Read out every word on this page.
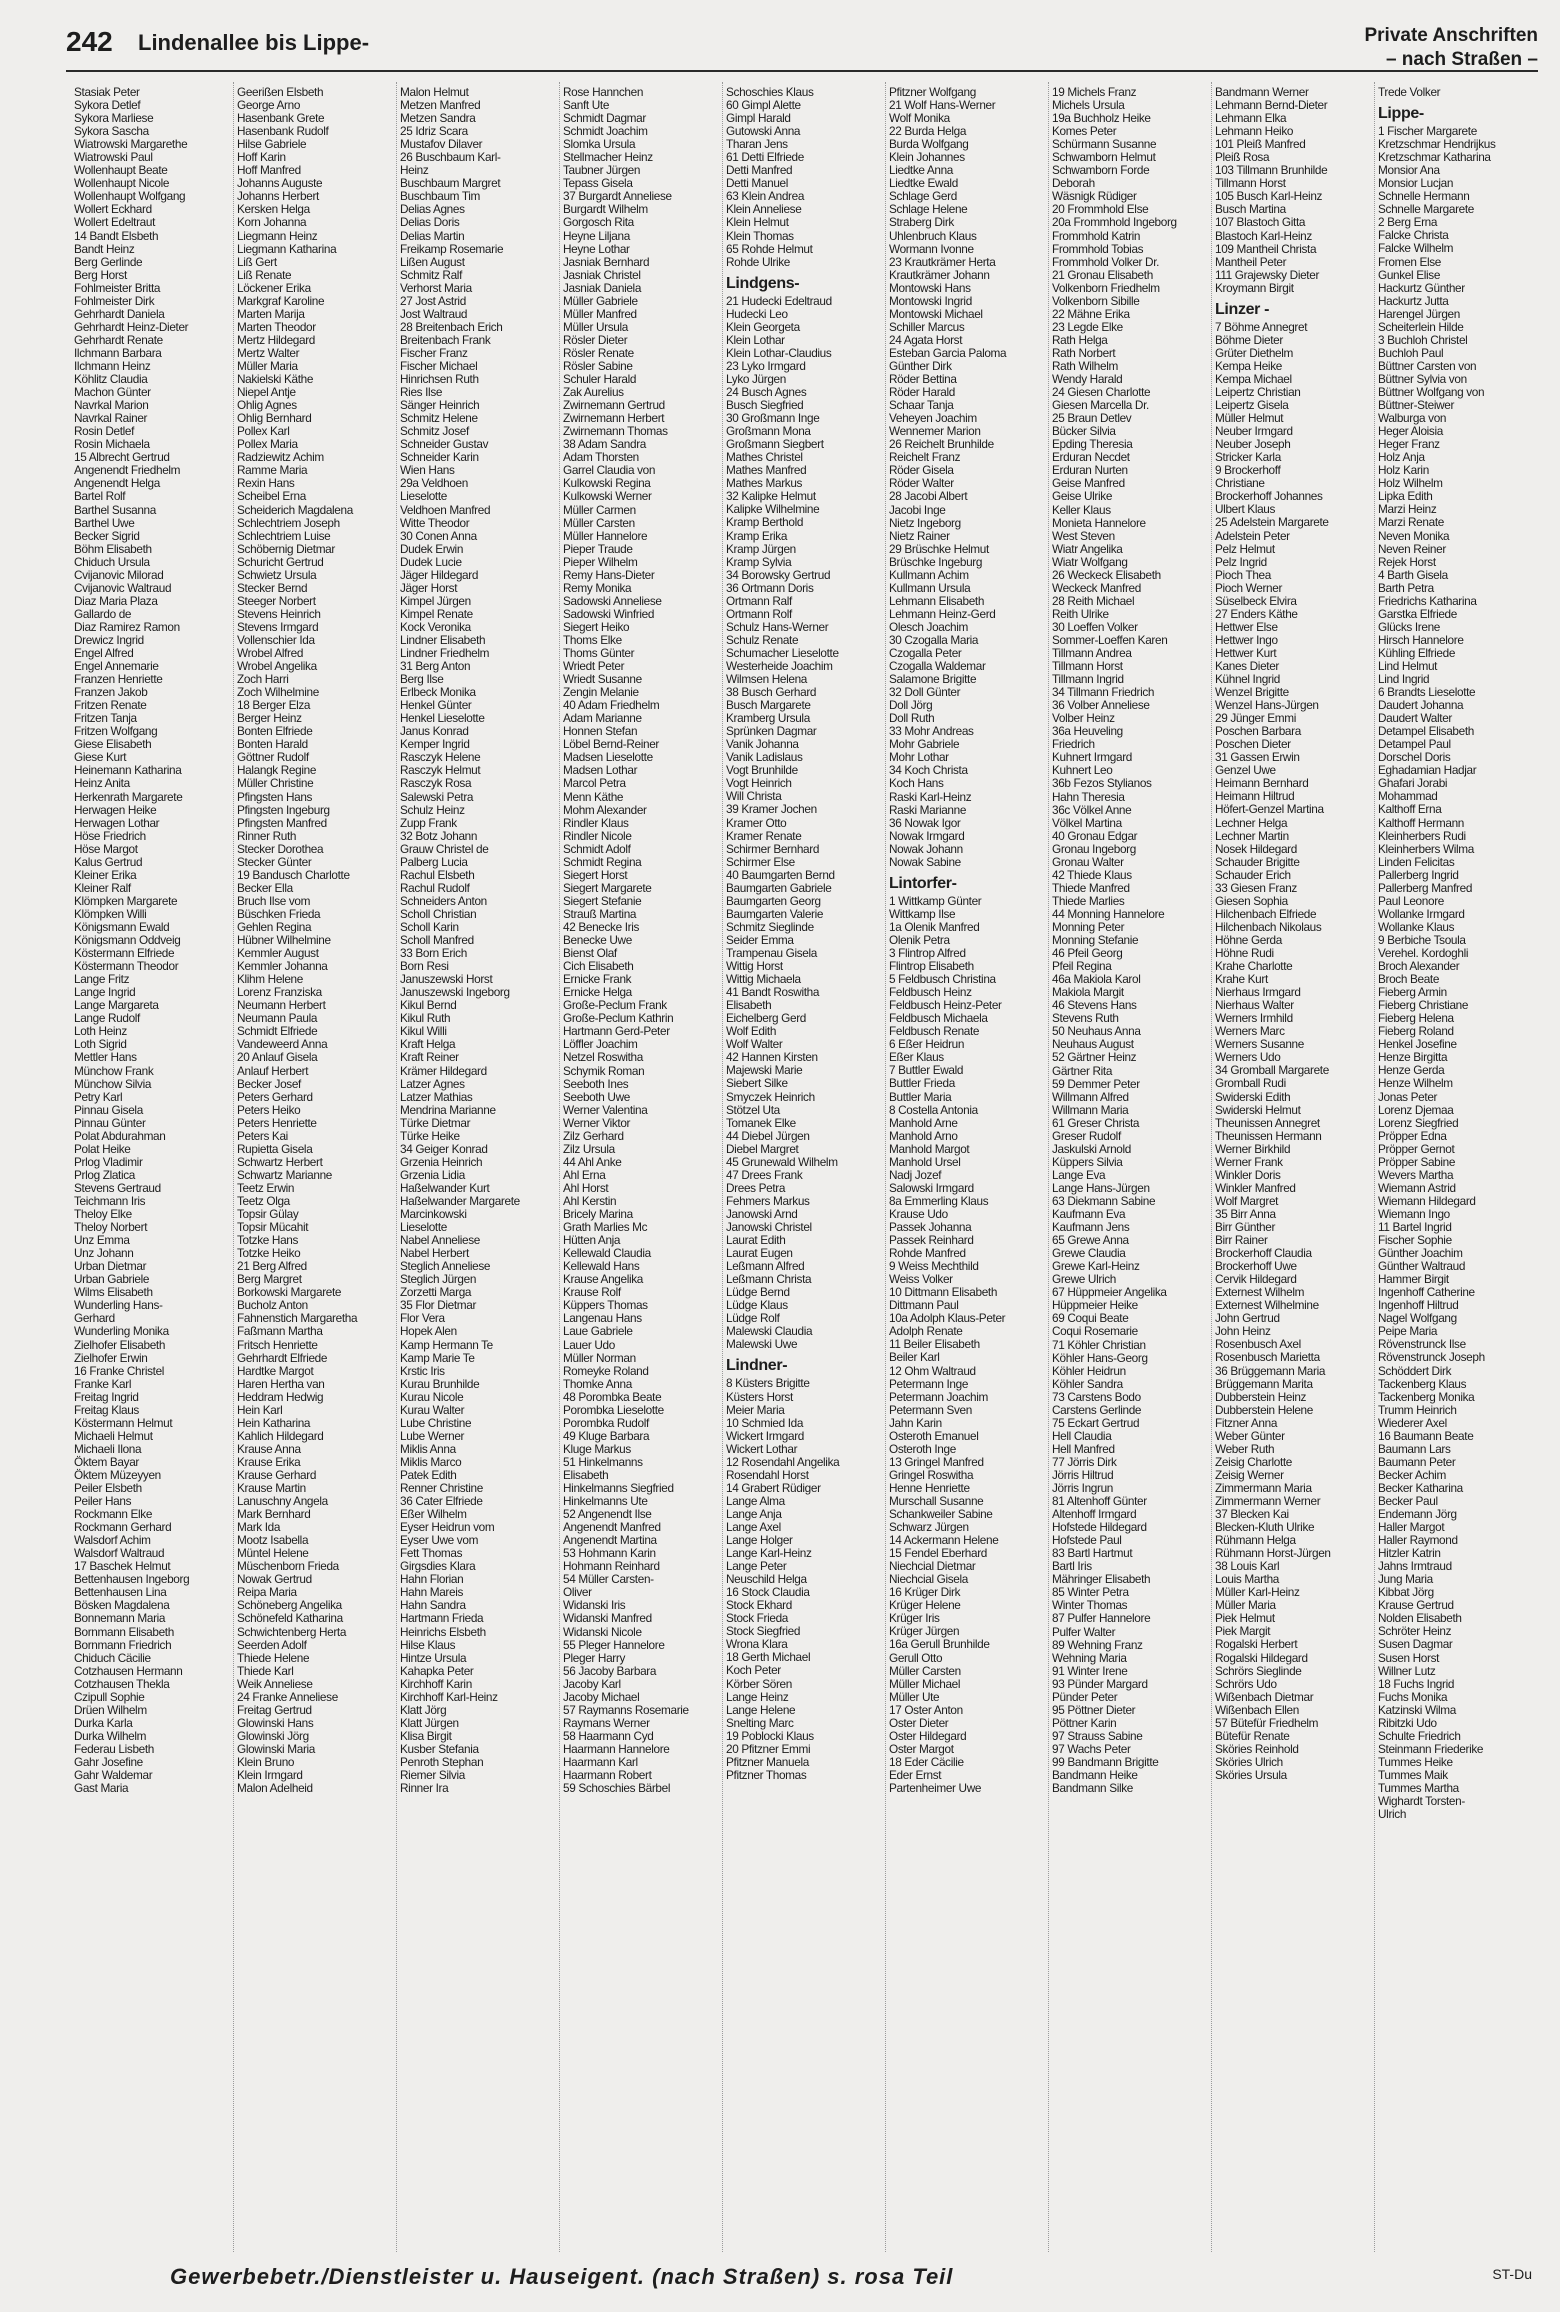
242 Lindenallee bis Lippe-	Private Anschriften
– nach Straßen –
Stasiak Peter
Sykora Detlef
Sykora Marliese
Sykora Sascha
Wiatrowski Margarethe
Wiatrowski Paul
Wollenhaupt Beate
Wollenhaupt Nicole
Wollenhaupt Wolfgang
Wollert Eckhard
Wollert Edeltraut
14 Bandt Elsbeth
Bandt Heinz
Berg Gerlinde
Berg Horst
Fohlmeister Britta
Fohlmeister Dirk
Gehrhardt Daniela
Gehrhardt Heinz-Dieter
Gehrhardt Renate
Ilchmann Barbara
Ilchmann Heinz
Köhlitz Claudia
Machon Günter
Navrkal Marion
Navrkal Rainer
Rosin Detlef
Rosin Michaela
15 Albrecht Gertrud
Angenendt Friedhelm
Angenendt Helga
Bartel Rolf
Barthel Susanna
Barthel Uwe
Becker Sigrid
Böhm Elisabeth
Chiduch Ursula
Cvijanovic Milorad
Cvijanovic Waltraud
Diaz Maria Plaza
Gallardo de
Diaz Ramirez Ramon
Drewicz Ingrid
Engel Alfred
Engel Annemarie
Franzen Henriette
Franzen Jakob
Fritzen Renate
Fritzen Tanja
Fritzen Wolfgang
Giese Elisabeth
Giese Kurt
Heinemann Katharina
Heinz Anita
Herkenrath Margarete
Herwagen Heike
Herwagen Lothar
Höse Friedrich
Höse Margot
Kalus Gertrud
Kleiner Erika
Kleiner Ralf
Klömpken Margarete
Klömpken Willi
Königsmann Ewald
Königsmann Oddveig
Köstermann Elfriede
Köstermann Theodor
Lange Fritz
Lange Ingrid
Lange Margareta
Lange Rudolf
Loth Heinz
Loth Sigrid
Mettler Hans
Münchow Frank
Münchow Silvia
Petry Karl
Pinnau Gisela
Pinnau Günter
Polat Abdurahman
Polat Heike
Prlog Vladimir
Prlog Zlatica
Stevens Gertraud
Teichmann Iris
Theloy Elke
Theloy Norbert
Unz Emma
Unz Johann
Urban Dietmar
Urban Gabriele
Wilms Elisabeth
Wunderling Hans-
Gerhard
Wunderling Monika
Zielhofer Elisabeth
Zielhofer Erwin
16 Franke Christel
Franke Karl
Freitag Ingrid
Freitag Klaus
Köstermann Helmut
Michaeli Helmut
Michaeli Ilona
Öktem Bayar
Öktem Müzeyyen
Peiler Elsbeth
Peiler Hans
Rockmann Elke
Rockmann Gerhard
Walsdorf Achim
Walsdorf Waltraud
17 Baschek Helmut
Bettenhausen Ingeborg
Bettenhausen Lina
Bösken Magdalena
Bonnemann Maria
Bornmann Elisabeth
Bornmann Friedrich
Chiduch Cäcilie
Cotzhausen Hermann
Cotzhausen Thekla
Czipull Sophie
Drüen Wilhelm
Durka Karla
Durka Wilhelm
Federau Lisbeth
Gahr Josefine
Gahr Waldemar
Gast Maria
Geerißen Elsbeth
George Arno
Hasenbank Grete
Hasenbank Rudolf
Hilse Gabriele
Hoff Karin
Hoff Manfred
Johanns Auguste
Johanns Herbert
Kersken Helga
Korn Johanna
Liegmann Heinz
Liegmann Katharina
Liß Gert
Liß Renate
Löckener Erika
Markgraf Karoline
Marten Marija
Marten Theodor
Mertz Hildegard
Mertz Walter
Müller Maria
Nakielski Käthe
Niepel Antje
Ohlig Agnes
Ohlig Bernhard
Pollex Karl
Pollex Maria
Radziewitz Achim
Ramme Maria
Rexin Hans
Scheibel Erna
Scheiderich Magdalena
Schlechtriem Joseph
Schlechtriem Luise
Schöbernig Dietmar
Schuricht Gertrud
Schwietz Ursula
Stecker Bernd
Steeger Norbert
Stevens Heinrich
Stevens Irmgard
Vollenschier Ida
Wrobel Alfred
Wrobel Angelika
Zoch Harri
Zoch Wilhelmine
18 Berger Elza
Berger Heinz
Bonten Elfriede
Bonten Harald
Göttner Rudolf
Halangk Regine
Müller Christine
Pfingsten Hans
Pfingsten Ingeburg
Pfingsten Manfred
Rinner Ruth
Stecker Dorothea
Stecker Günter
19 Bandusch Charlotte
Becker Ella
Bruch Ilse vom
Büschken Frieda
Gehlen Regina
Hübner Wilhelmine
Kemmler August
Kemmler Johanna
Klihm Helene
Lorenz Franziska
Neumann Herbert
Neumann Paula
Schmidt Elfriede
Vandeweerd Anna
20 Anlauf Gisela
Anlauf Herbert
Becker Josef
Peters Gerhard
Peters Heiko
Peters Henriette
Peters Kai
Rupietta Gisela
Schwartz Herbert
Schwartz Marianne
Teetz Erwin
Teetz Olga
Topsir Gülay
Topsir Mücahit
Totzke Hans
Totzke Heiko
21 Berg Alfred
Berg Margret
Borkowski Margarete
Bucholz Anton
Fahnenstich Margaretha
Faßmann Martha
Fritsch Henriette
Gehrhardt Elfriede
Hardtke Margot
Haren Hertha van
Heddram Hedwig
Hein Karl
Hein Katharina
Kahlich Hildegard
Krause Anna
Krause Erika
Krause Gerhard
Krause Martin
Lanuschny Angela
Mark Bernhard
Mark Ida
Mootz Isabella
Müntel Helene
Müschenborn Frieda
Nowak Gertrud
Reipa Maria
Schöneberg Angelika
Schönefeld Katharina
Schwichtenberg Herta
Seerden Adolf
Thiede Helene
Thiede Karl
Weik Anneliese
24 Franke Anneliese
Freitag Gertrud
Glowinski Hans
Glowinski Jörg
Glowinski Maria
Klein Bruno
Klein Irmgard
Malon Adelheid
Malon Helmut
Metzen Manfred
Metzen Sandra
25 Idriz Scara
Mustafov Dilaver
26 Buschbaum Karl-
Heinz
Buschbaum Margret
Buschbaum Tim
Delias Agnes
Delias Doris
Delias Martin
Freikamp Rosemarie
Lißen August
Schmitz Ralf
Verhorst Maria
27 Jost Astrid
Jost Waltraud
28 Breitenbach Erich
Breitenbach Frank
Fischer Franz
Fischer Michael
Hinrichsen Ruth
Ries Ilse
Sänger Heinrich
Schmitz Helene
Schmitz Josef
Schneider Gustav
Schneider Karin
Wien Hans
29a Veldhoen
Lieselotte
Veldhoen Manfred
Witte Theodor
30 Conen Anna
Dudek Erwin
Dudek Lucie
Jäger Hildegard
Jäger Horst
Kimpel Jürgen
Kimpel Renate
Kock Veronika
Lindner Elisabeth
Lindner Friedhelm
31 Berg Anton
Berg Ilse
Erlbeck Monika
Henkel Günter
Henkel Lieselotte
Janus Konrad
Kemper Ingrid
Rasczyk Helene
Rasczyk Helmut
Rasczyk Rosa
Salewski Petra
Schulz Heinz
Zupp Frank
32 Botz Johann
Grauw Christel de
Palberg Lucia
Rachul Elsbeth
Rachul Rudolf
Schneiders Anton
Scholl Christian
Scholl Karin
Scholl Manfred
33 Born Erich
Born Resi
Januszewski Horst
Januszewski Ingeborg
Kikul Bernd
Kikul Ruth
Kikul Willi
Kraft Helga
Kraft Reiner
Krämer Hildegard
Latzer Agnes
Latzer Mathias
Mendrina Marianne
Türke Dietmar
Türke Heike
34 Geiger Konrad
Grzenia Heinrich
Grzenia Lidia
Haßelwander Kurt
Haßelwander Margarete
Marcinkowski
Lieselotte
Nabel Anneliese
Nabel Herbert
Steglich Anneliese
Steglich Jürgen
Zorzetti Marga
35 Flor Dietmar
Flor Vera
Hopek Alen
Kamp Hermann Te
Kamp Marie Te
Krstic Iris
Kurau Brunhilde
Kurau Nicole
Kurau Walter
Lube Christine
Lube Werner
Miklis Anna
Miklis Marco
Patek Edith
Renner Christine
36 Cater Elfriede
Eßer Wilhelm
Eyser Heidrun vom
Eyser Uwe vom
Fett Thomas
Girgsdies Klara
Hahn Florian
Hahn Mareis
Hahn Sandra
Hartmann Frieda
Heinrichs Elsbeth
Hilse Klaus
Hintze Ursula
Kahapka Peter
Kirchhoff Karin
Kirchhoff Karl-Heinz
Klatt Jörg
Klatt Jürgen
Klisa Birgit
Kusber Stefania
Penroth Stephan
Riemer Silvia
Rinner Ira
Rose Hannchen
Sanft Ute
Schmidt Dagmar
Schmidt Joachim
Slomka Ursula
Stellmacher Heinz
Taubner Jürgen
Tepass Gisela
37 Burgardt Anneliese
Burgardt Wilhelm
Gorgosch Rita
Heyne Liljana
Heyne Lothar
Jasniak Bernhard
Jasniak Christel
Jasniak Daniela
Müller Gabriele
Müller Manfred
Müller Ursula
Rösler Dieter
Rösler Renate
Rösler Sabine
Schuler Harald
Zak Aurelius
Zwirnemann Gertrud
Zwirnemann Herbert
Zwirnemann Thomas
38 Adam Sandra
Adam Thorsten
Garrel Claudia von
Kulkowski Regina
Kulkowski Werner
Müller Carmen
Müller Carsten
Müller Hannelore
Pieper Traude
Pieper Wilhelm
Remy Hans-Dieter
Remy Monika
Sadowski Anneliese
Sadowski Winfried
Siegert Heiko
Thoms Elke
Thoms Günter
Wriedt Peter
Wriedt Susanne
Zengin Melanie
40 Adam Friedhelm
Adam Marianne
Honnen Stefan
Löbel Bernd-Reiner
Madsen Lieselotte
Madsen Lothar
Marcol Petra
Menn Käthe
Mohm Alexander
Rindler Klaus
Rindler Nicole
Schmidt Adolf
Schmidt Regina
Siegert Horst
Siegert Margarete
Siegert Stefanie
Strauß Martina
42 Benecke Iris
Benecke Uwe
Bienst Olaf
Cich Elisabeth
Ernicke Frank
Ernicke Helga
Große-Peclum Frank
Große-Peclum Kathrin
Hartmann Gerd-Peter
Löffler Joachim
Netzel Roswitha
Schymik Roman
Seeboth Ines
Seeboth Uwe
Werner Valentina
Werner Viktor
Zilz Gerhard
Zilz Ursula
44 Ahl Anke
Ahl Erna
Ahl Horst
Ahl Kerstin
Bricely Marina
Grath Marlies Mc
Hütten Anja
Kellewald Claudia
Kellewald Hans
Krause Angelika
Krause Rolf
Küppers Thomas
Langenau Hans
Laue Gabriele
Lauer Udo
Müller Norman
Romeyke Roland
Thomke Anna
48 Porombka Beate
Porombka Lieselotte
Porombka Rudolf
49 Kluge Barbara
Kluge Markus
51 Hinkelmanns
Elisabeth
Hinkelmanns Siegfried
Hinkelmanns Ute
52 Angenendt Ilse
Angenendt Manfred
Angenendt Martina
53 Hohmann Karin
Hohmann Reinhard
54 Müller Carsten-
Oliver
Widanski Iris
Widanski Manfred
Widanski Nicole
55 Pleger Hannelore
Pleger Harry
56 Jacoby Barbara
Jacoby Karl
Jacoby Michael
57 Raymanns Rosemarie
Raymans Werner
58 Haarmann Cyd
Haarmann Hannelore
Haarmann Karl
Haarmann Robert
59 Schoschies Bärbel
Schoschies Klaus
60 Gimpl Alette
Gimpl Harald
Gutowski Anna
Tharan Jens
61 Detti Elfriede
Detti Manfred
Detti Manuel
63 Klein Andrea
Klein Anneliese
Klein Helmut
Klein Thomas
65 Rohde Helmut
Rohde Ulrike
Lindgens-
21 Hudecki Edeltraud
Hudecki Leo
Klein Georgeta
Klein Lothar
Klein Lothar-Claudius
23 Lyko Irmgard
Lyko Jürgen
24 Busch Agnes
Busch Siegfried
30 Großmann Inge
Großmann Mona
Großmann Siegbert
Mathes Christel
Mathes Manfred
Mathes Markus
32 Kalipke Helmut
Kalipke Wilhelmine
Kramp Berthold
Kramp Erika
Kramp Jürgen
Kramp Sylvia
34 Borowsky Gertrud
36 Ortmann Doris
Ortmann Ralf
Ortmann Rolf
Schulz Hans-Werner
Schulz Renate
Schumacher Lieselotte
Westerheide Joachim
Wilmsen Helena
38 Busch Gerhard
Busch Margarete
Kramberg Ursula
Sprünken Dagmar
Vanik Johanna
Vanik Ladislaus
Vogt Brunhilde
Vogt Heinrich
Will Christa
39 Kramer Jochen
Kramer Otto
Kramer Renate
Schirmer Bernhard
Schirmer Else
40 Baumgarten Bernd
Baumgarten Gabriele
Baumgarten Georg
Baumgarten Valerie
Schmitz Sieglinde
Seider Emma
Trampenau Gisela
Wittig Horst
Wittig Michaela
41 Bandt Roswitha
Elisabeth
Eichelberg Gerd
Wolf Edith
Wolf Walter
42 Hannen Kirsten
Majewski Marie
Siebert Silke
Smyczek Heinrich
Stötzel Uta
Tomanek Elke
44 Diebel Jürgen
Diebel Margret
45 Grunewald Wilhelm
47 Drees Frank
Drees Petra
Fehmers Markus
Janowski Arnd
Janowski Christel
Laurat Edith
Laurat Eugen
Leßmann Alfred
Leßmann Christa
Lüdge Bernd
Lüdge Klaus
Lüdge Rolf
Malewski Claudia
Malewski Uwe
Lindner-
8 Küsters Brigitte
Küsters Horst
Meier Maria
10 Schmied Ida
Wickert Irmgard
Wickert Lothar
12 Rosendahl Angelika
Rosendahl Horst
14 Grabert Rüdiger
Lange Alma
Lange Anja
Lange Axel
Lange Holger
Lange Karl-Heinz
Lange Peter
Neuschild Helga
16 Stock Claudia
Stock Ekhard
Stock Frieda
Stock Siegfried
Wrona Klara
18 Gerth Michael
Koch Peter
Körber Sören
Lange Heinz
Lange Helene
Snelting Marc
19 Poblocki Klaus
20 Pfitzner Emmi
Pfitzner Manuela
Pfitzner Thomas
Pfitzner Wolfgang
21 Wolf Hans-Werner
Wolf Monika
22 Burda Helga
Burda Wolfgang
Klein Johannes
Liedtke Anna
Liedtke Ewald
Schlage Gerd
Schlage Helene
Straberg Dirk
Uhlenbruch Klaus
Wormann Ivonne
23 Krautkrämer Herta
Krautkrämer Johann
Montowski Hans
Montowski Ingrid
Montowski Michael
Schiller Marcus
24 Agata Horst
Esteban Garcia Paloma
Günther Dirk
Röder Bettina
Röder Harald
Schaar Tanja
Veheyen Joachim
Wennemer Marion
26 Reichelt Brunhilde
Reichelt Franz
Röder Gisela
Röder Walter
28 Jacobi Albert
Jacobi Inge
Nietz Ingeborg
Nietz Rainer
29 Brüschke Helmut
Brüschke Ingeburg
Kullmann Achim
Kullmann Ursula
Lehmann Elisabeth
Lehmann Heinz-Gerd
Olesch Joachim
30 Czogalla Maria
Czogalla Peter
Czogalla Waldemar
Salamone Brigitte
32 Doll Günter
Doll Jörg
Doll Ruth
33 Mohr Andreas
Mohr Gabriele
Mohr Lothar
34 Koch Christa
Koch Hans
Raski Karl-Heinz
Raski Marianne
36 Nowak Igor
Nowak Irmgard
Nowak Johann
Nowak Sabine
Lintorfer-
1 Wittkamp Günter
Wittkamp Ilse
1a Olenik Manfred
Olenik Petra
3 Flintrop Alfred
Flintrop Elisabeth
5 Feldbusch Christina
Feldbusch Heinz
Feldbusch Heinz-Peter
Feldbusch Michaela
Feldbusch Renate
6 Eßer Heidrun
Eßer Klaus
7 Buttler Ewald
Buttler Frieda
Buttler Maria
8 Costella Antonia
Manhold Arne
Manhold Arno
Manhold Margot
Manhold Ursel
Nadj Jozef
Salowski Irmgard
8a Emmerling Klaus
Krause Udo
Passek Johanna
Passek Reinhard
Rohde Manfred
9 Weiss Mechthild
Weiss Volker
10 Dittmann Elisabeth
Dittmann Paul
10a Adolph Klaus-Peter
Adolph Renate
11 Beiler Elisabeth
Beiler Karl
12 Ohm Waltraud
Petermann Inge
Petermann Joachim
Petermann Sven
Jahn Karin
Osteroth Emanuel
Osteroth Inge
13 Gringel Manfred
Gringel Roswitha
Henne Henriette
Murschall Susanne
Schankweiler Sabine
Schwarz Jürgen
14 Ackermann Helene
15 Fendel Eberhard
Niechcial Dietmar
Niechcial Gisela
16 Krüger Dirk
Krüger Helene
Krüger Iris
Krüger Jürgen
16a Gerull Brunhilde
Gerull Otto
Müller Carsten
Müller Michael
Müller Ute
17 Oster Anton
Oster Dieter
Oster Hildegard
Oster Margot
18 Eder Cäcilie
Eder Ernst
Partenheimer Uwe
19 Michels Franz
Michels Ursula
19a Buchholz Heike
Komes Peter
Schürmann Susanne
Schwamborn Helmut
Schwamborn Forde
Deborah
Wäsnigk Rüdiger
20 Frommhold Else
20a Frommhold Ingeborg
Frommhold Katrin
Frommhold Tobias
Frommhold Volker Dr.
21 Gronau Elisabeth
Volkenborn Friedhelm
Volkenborn Sibille
22 Mähne Erika
23 Legde Elke
Rath Helga
Rath Norbert
Rath Wilhelm
Wendy Harald
24 Giesen Charlotte
Giesen Marcella Dr.
25 Braun Detlev
Bücker Silvia
Epding Theresia
Erduran Necdet
Erduran Nurten
Geise Manfred
Geise Ulrike
Keller Klaus
Monieta Hannelore
West Steven
Wiatr Angelika
Wiatr Wolfgang
26 Weckeck Elisabeth
Weckeck Manfred
28 Reith Michael
Reith Ulrike
30 Loeffen Volker
Sommer-Loeffen Karen
Tillmann Andrea
Tillmann Horst
Tillmann Ingrid
34 Tillmann Friedrich
36 Volber Anneliese
Volber Heinz
36a Heuveling
Friedrich
Kuhnert Irmgard
Kuhnert Leo
36b Fezos Stylianos
Hahn Theresia
36c Völkel Anne
Völkel Martina
40 Gronau Edgar
Gronau Ingeborg
Gronau Walter
42 Thiede Klaus
Thiede Manfred
Thiede Marlies
44 Monning Hannelore
Monning Peter
Monning Stefanie
46 Pfeil Georg
Pfeil Regina
46a Makiola Karol
Makiola Margit
46 Stevens Hans
Stevens Ruth
50 Neuhaus Anna
Neuhaus August
52 Gärtner Heinz
Gärtner Rita
59 Demmer Peter
Willmann Alfred
Willmann Maria
61 Greser Christa
Greser Rudolf
Jaskulski Arnold
Küppers Silvia
Lange Eva
Lange Hans-Jürgen
63 Diekmann Sabine
Kaufmann Eva
Kaufmann Jens
65 Grewe Anna
Grewe Claudia
Grewe Karl-Heinz
Grewe Ulrich
67 Hüppmeier Angelika
Hüppmeier Heike
69 Coqui Beate
Coqui Rosemarie
71 Köhler Christian
Köhler Hans-Georg
Köhler Heidrun
Köhler Sandra
73 Carstens Bodo
Carstens Gerlinde
75 Eckart Gertrud
Hell Claudia
Hell Manfred
77 Jörris Dirk
Jörris Hiltrud
Jörris Ingrun
81 Altenhoff Günter
Altenhoff Irmgard
Hofstede Hildegard
Hofstede Paul
83 Bartl Hartmut
Bartl Iris
Mähringer Elisabeth
85 Winter Petra
Winter Thomas
87 Pulfer Hannelore
Pulfer Walter
89 Wehning Franz
Wehning Maria
91 Winter Irene
93 Pünder Margard
Pünder Peter
95 Pöttner Dieter
Pöttner Karin
97 Strauss Sabine
97 Wachs Peter
99 Bandmann Brigitte
Bandmann Heike
Bandmann Silke
Bandmann Werner
Lehmann Bernd-Dieter
Lehmann Elka
Lehmann Heiko
101 Pleiß Manfred
Pleiß Rosa
103 Tillmann Brunhilde
Tillmann Horst
105 Busch Karl-Heinz
Busch Martina
107 Blastoch Gitta
Blastoch Karl-Heinz
109 Mantheil Christa
Mantheil Peter
111 Grajewsky Dieter
Kroymann Birgit
Linzer -
7 Böhme Annegret
Böhme Dieter
Grüter Diethelm
Kempa Heike
Kempa Michael
Leipertz Christian
Leipertz Gisela
Müller Helmut
Neuber Irmgard
Neuber Joseph
Stricker Karla
9 Brockerhoff
Christiane
Brockerhoff Johannes
Ulbert Klaus
25 Adelstein Margarete
Adelstein Peter
Pelz Helmut
Pelz Ingrid
Pioch Thea
Pioch Werner
Süselbeck Elvira
27 Enders Käthe
Hettwer Else
Hettwer Ingo
Hettwer Kurt
Kanes Dieter
Kühnel Ingrid
Wenzel Brigitte
Wenzel Hans-Jürgen
29 Jünger Emmi
Poschen Barbara
Poschen Dieter
31 Gassen Erwin
Genzel Uwe
Heimann Bernhard
Heimann Hiltrud
Höfert-Genzel Martina
Lechner Helga
Lechner Martin
Nosek Hildegard
Schauder Brigitte
Schauder Erich
33 Giesen Franz
Giesen Sophia
Hilchenbach Elfriede
Hilchenbach Nikolaus
Höhne Gerda
Höhne Rudi
Krahe Charlotte
Krahe Kurt
Nierhaus Irmgard
Nierhaus Walter
Werners Irmhild
Werners Marc
Werners Susanne
Werners Udo
34 Gromball Margarete
Gromball Rudi
Swiderski Edith
Swiderski Helmut
Theunissen Annegret
Theunissen Hermann
Werner Birkhild
Werner Frank
Winkler Doris
Winkler Manfred
Wolf Margret
35 Birr Anna
Birr Günther
Birr Rainer
Brockerhoff Claudia
Brockerhoff Uwe
Cervik Hildegard
Externest Wilhelm
Externest Wilhelmine
John Gertrud
John Heinz
Rosenbusch Axel
Rosenbusch Marietta
36 Brüggemann Maria
Brüggemann Marita
Dubberstein Heinz
Dubberstein Helene
Fitzner Anna
Weber Günter
Weber Ruth
Zeisig Charlotte
Zeisig Werner
Zimmermann Maria
Zimmermann Werner
37 Blecken Kai
Blecken-Kluth Ulrike
Rühmann Helga
Rühmann Horst-Jürgen
38 Louis Karl
Louis Martha
Müller Karl-Heinz
Müller Maria
Piek Helmut
Piek Margit
Rogalski Herbert
Rogalski Hildegard
Schrörs Sieglinde
Schrörs Udo
Wißenbach Dietmar
Wißenbach Ellen
57 Bütefür Friedhelm
Bütefür Renate
Sköries Reinhold
Sköries Ulrich
Sköries Ursula
Trede Volker
Lippe-
1 Fischer Margarete
Kretzschmar Hendrijkus
Kretzschmar Katharina
Monsior Ana
Monsior Lucjan
Schnelle Hermann
Schnelle Margarete
2 Berg Erna
Falcke Christa
Falcke Wilhelm
Fromen Else
Gunkel Elise
Hackurtz Günther
Hackurtz Jutta
Harengel Jürgen
Scheiterlein Hilde
3 Buchloh Christel
Buchloh Paul
Büttner Carsten von
Büttner Sylvia von
Büttner Wolfgang von
Büttner-Steiwer
Walburga von
Heger Aloisia
Heger Franz
Holz Anja
Holz Karin
Holz Wilhelm
Lipka Edith
Marzi Heinz
Marzi Renate
Neven Monika
Neven Reiner
Rejek Horst
4 Barth Gisela
Barth Petra
Friedrichs Katharina
Garstka Elfriede
Glücks Irene
Hirsch Hannelore
Kühling Elfriede
Lind Helmut
Lind Ingrid
6 Brandts Lieselotte
Daudert Johanna
Daudert Walter
Detampel Elisabeth
Detampel Paul
Dorschel Doris
Eghadamian Hadjar
Ghafari Jorabi
Mohammad
Kalthoff Erna
Kalthoff Hermann
Kleinherbers Rudi
Kleinherbers Wilma
Linden Felicitas
Pallerberg Ingrid
Pallerberg Manfred
Paul Leonore
Wollanke Irmgard
Wollanke Klaus
9 Berbiche Tsoula
Verehel. Kordoghli
Broch Alexander
Broch Beate
Fieberg Armin
Fieberg Christiane
Fieberg Helena
Fieberg Roland
Henkel Josefine
Henze Birgitta
Henze Gerda
Henze Wilhelm
Jonas Peter
Lorenz Djemaa
Lorenz Siegfried
Pröpper Edna
Pröpper Gernot
Pröpper Sabine
Wevers Martha
Wiemann Astrid
Wiemann Hildegard
Wiemann Ingo
11 Bartel Ingrid
Fischer Sophie
Günther Joachim
Günther Waltraud
Hammer Birgit
Ingenhoff Catherine
Ingenhoff Hiltrud
Nagel Wolfgang
Peipe Maria
Rövenstrunck Ilse
Rövenstrunck Joseph
Schöddert Dirk
Tackenberg Klaus
Tackenberg Monika
Trumm Heinrich
Wiederer Axel
16 Baumann Beate
Baumann Lars
Baumann Peter
Becker Achim
Becker Katharina
Becker Paul
Endemann Jörg
Haller Margot
Haller Raymond
Hitzler Katrin
Jahns Irmtraud
Jung Maria
Kibbat Jörg
Krause Gertrud
Nolden Elisabeth
Schröter Heinz
Susen Dagmar
Susen Horst
Willner Lutz
18 Fuchs Ingrid
Fuchs Monika
Katzinski Wilma
Ribitzki Udo
Schulte Friedrich
Steinmann Friederike
Tummes Heike
Tummes Maik
Tummes Martha
Wighardt Torsten-
Ulrich
Gewerbebetr./Dienstleister u. Hauseigent. (nach Straßen) s. rosa Teil	ST-Du
